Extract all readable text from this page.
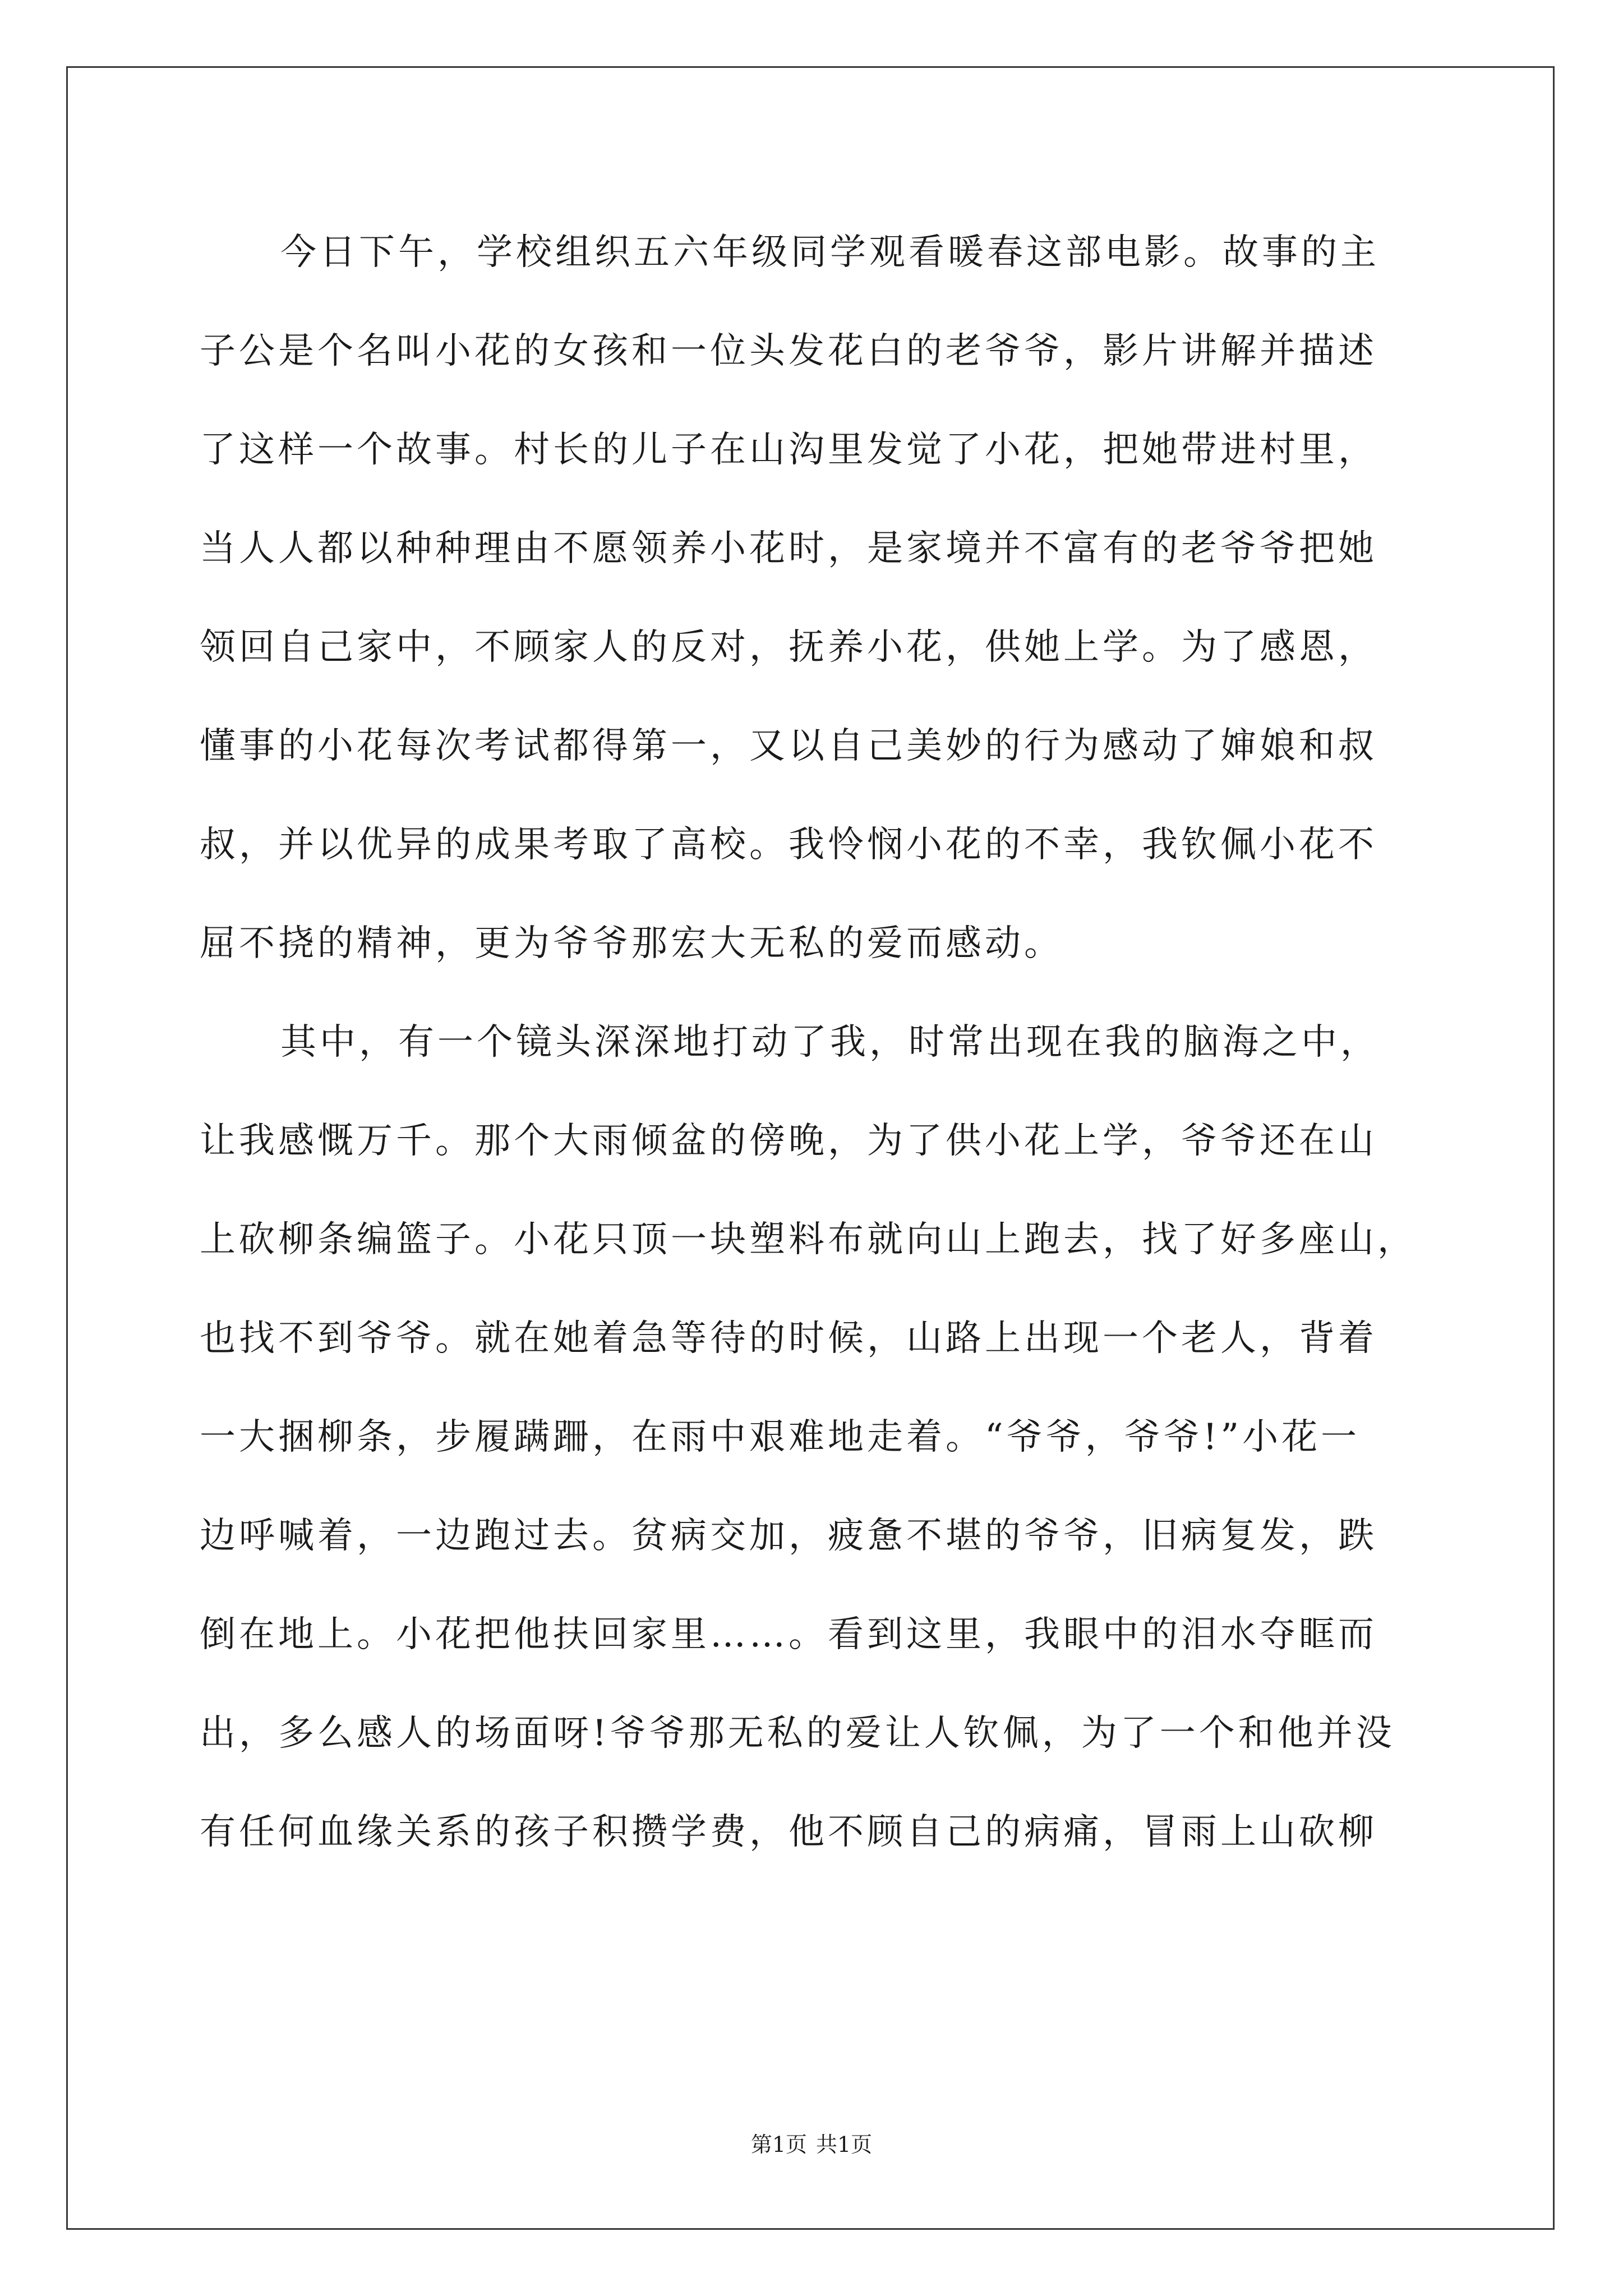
今日下午，学校组织五六年级同学观看暖春这部电影。故事的主
子公是个名叫小花的女孩和一位头发花白的老爷爷，影片讲解并描述
了这样一个故事。村长的儿子在山沟里发觉了小花，把她带进村里，
当人人都以种种理由不愿领养小花时，是家境并不富有的老爷爷把她
领回自己家中，不顾家人的反对，抚养小花，供她上学。为了感恩，
懂事的小花每次考试都得第一，又以自己美妙的行为感动了婶娘和叔
叔，并以优异的成果考取了高校。我怜悯小花的不幸，我钦佩小花不
屈不挠的精神，更为爷爷那宏大无私的爱而感动。
其中，有一个镜头深深地打动了我，时常出现在我的脑海之中，
让我感慨万千。那个大雨倾盆的傍晚，为了供小花上学，爷爷还在山
上砍柳条编篮子。小花只顶一块塑料布就向山上跑去，找了好多座山，
也找不到爷爷。就在她着急等待的时候，山路上出现一个老人，背着
一大捆柳条，步履蹒跚，在雨中艰难地走着。“爷爷，爷爷!”小花一
边呼喊着，一边跑过去。贫病交加，疲惫不堪的爷爷，旧病复发，跌
倒在地上。小花把他扶回家里……。看到这里，我眼中的泪水夺眶而
出，多么感人的场面呀!爷爷那无私的爱让人钦佩，为了一个和他并没
有任何血缘关系的孩子积攒学费，他不顾自己的病痛，冒雨上山砍柳
第1页 共1页
